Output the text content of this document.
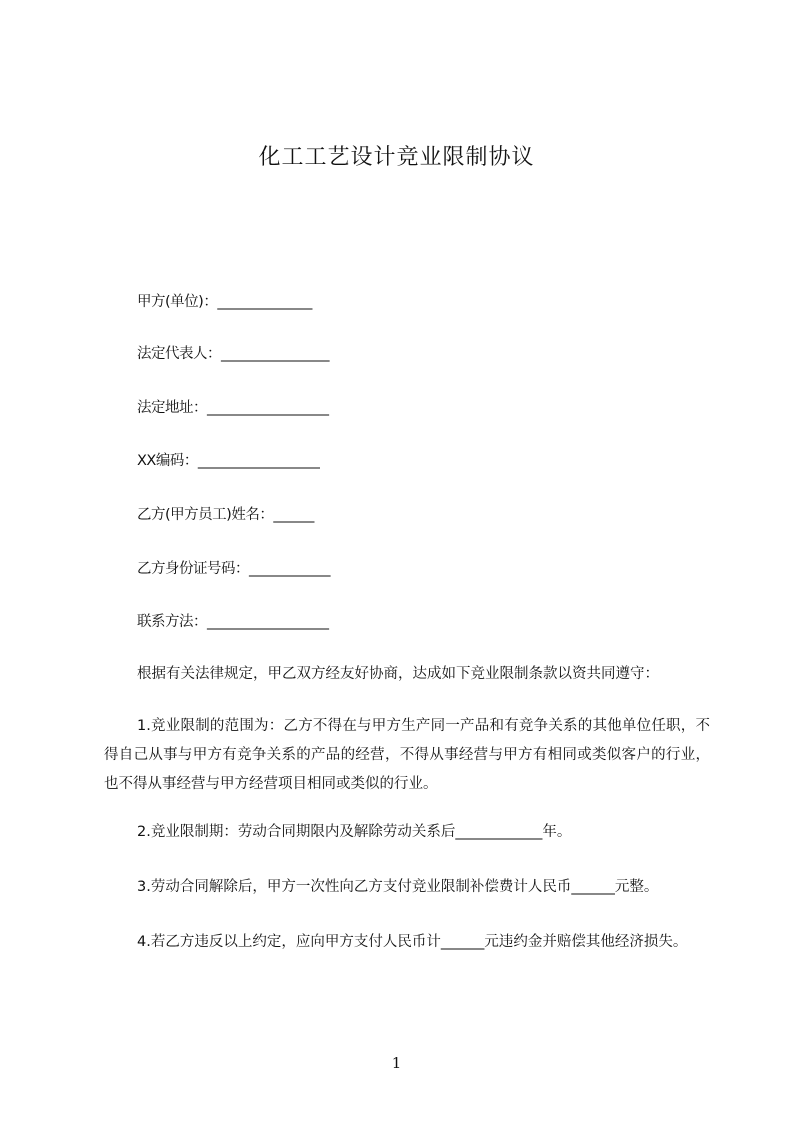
化工工艺设计竞业限制协议
甲方(单位)：______________
法定代表人：________________
法定地址：__________________
XX编码：__________________
乙方(甲方员工)姓名：______
乙方身份证号码：____________
联系方法：__________________
根据有关法律规定，甲乙双方经友好协商，达成如下竞业限制条款以资共同遵守：
1.竞业限制的范围为：乙方不得在与甲方生产同一产品和有竞争关系的其他单位任职，不得自己从事与甲方有竞争关系的产品的经营，不得从事经营与甲方有相同或类似客户的行业，也不得从事经营与甲方经营项目相同或类似的行业。
2.竞业限制期：劳动合同期限内及解除劳动关系后____________年。
3.劳动合同解除后，甲方一次性向乙方支付竞业限制补偿费计人民币______元整。
4.若乙方违反以上约定，应向甲方支付人民币计______元违约金并赔偿其他经济损失。
1
